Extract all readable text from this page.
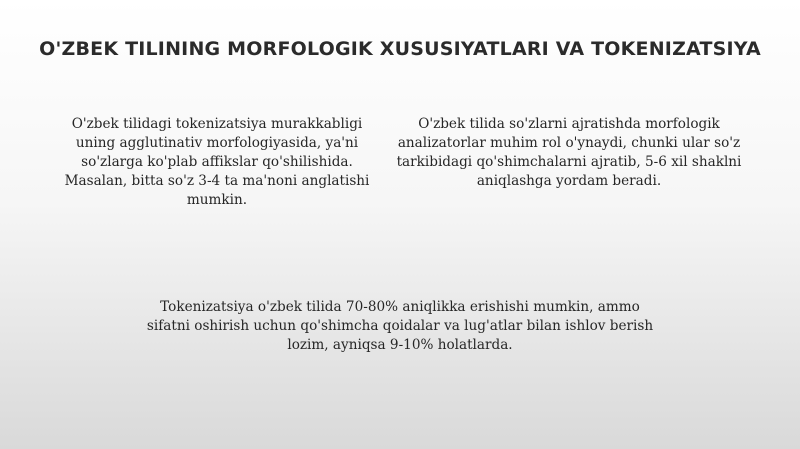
O'ZBEK TILINING MORFOLOGIK XUSUSIYATLARI VA TOKENIZATSIYA
O'zbek tilidagi tokenizatsiya murakkabligi uning agglutinativ morfologiyasida, ya'ni so'zlarga ko'plab affikslar qo'shilishida. Masalan, bitta so'z 3-4 ta ma'noni anglatishi mumkin.
O'zbek tilida so'zlarni ajratishda morfologik analizatorlar muhim rol o'ynaydi, chunki ular so'z tarkibidagi qo'shimchalarni ajratib, 5-6 xil shaklni aniqlashga yordam beradi.
Tokenizatsiya o'zbek tilida 70-80% aniqlikka erishishi mumkin, ammo sifatni oshirish uchun qo'shimcha qoidalar va lug'atlar bilan ishlov berish lozim, ayniqsa 9-10% holatlarda.
